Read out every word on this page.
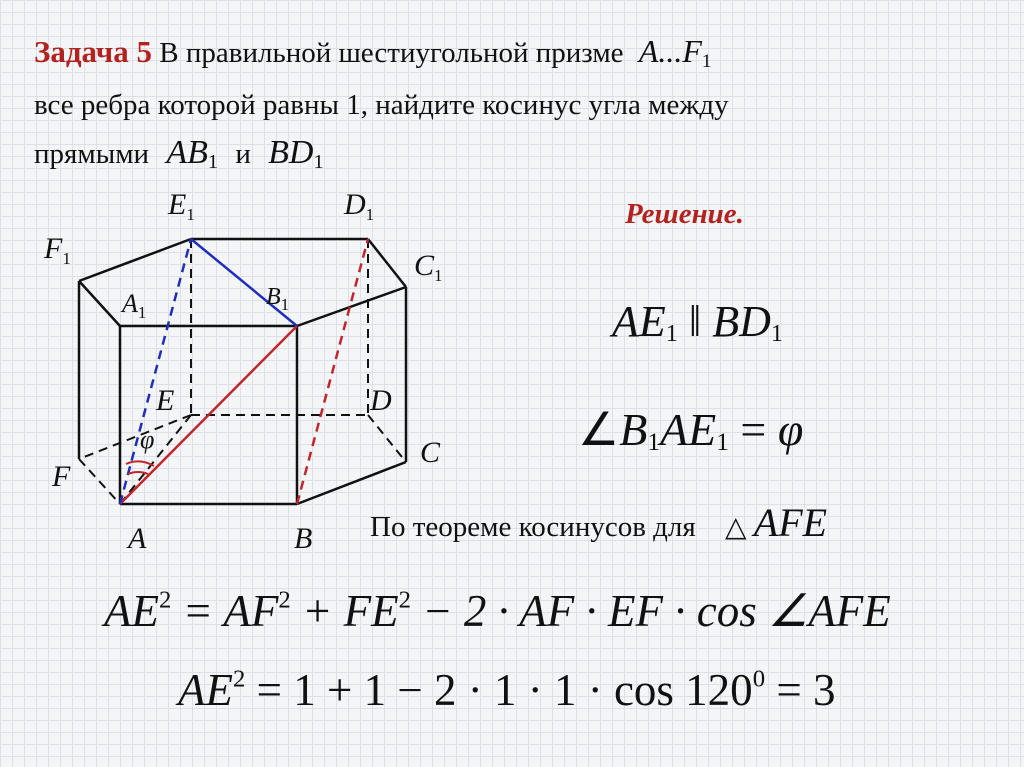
Задача 5 В правильной шестиугольной призме $A...F_1$
все ребра которой равны 1, найдите косинус угла между
прямыми $AB_1$ и $BD_1$
Решение.
$E_1$	$D_1$
$F_1$	$C_1$
$A_1$
$B_1$
E	D
C
F
A	B
φ
$AE_1$ ‖ $BD_1$
$\angle B_1AE_1 = \varphi$
По теореме косинусов для △ AFE
$AE^2 = AF^2 + FE^2 - 2$ · AF · EF · cos ∠AFE
$AE^2 = 1 + 1 - 2 \cdot 1 \cdot 1 \cdot \cos 120^0 = 3$
